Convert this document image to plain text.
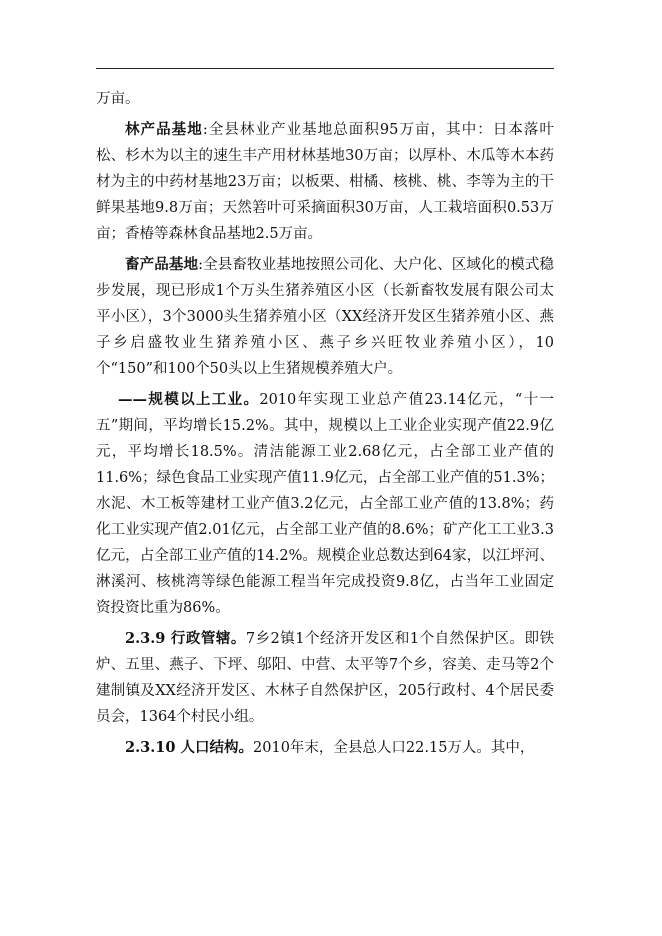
万亩。

林产品基地:全县林业产业基地总面积95万亩，其中：日本落叶松、杉木为以主的速生丰产用材林基地30万亩；以厚朴、木瓜等木本药材为主的中药材基地23万亩；以板栗、柑橘、核桃、桃、李等为主的干鲜果基地9.8万亩；天然箬叶可采摘面积30万亩，人工栽培面积0.53万亩；香椿等森林食品基地2.5万亩。

畜产品基地:全县畜牧业基地按照公司化、大户化、区域化的模式稳步发展，现已形成1个万头生猪养殖区小区（长新畜牧发展有限公司太平小区），3个3000头生猪养殖小区（XX经济开发区生猪养殖小区、燕子乡启盛牧业生猪养殖小区、燕子乡兴旺牧业养殖小区），10个“150”和100个50头以上生猪规模养殖大户。

——规模以上工业。2010年实现工业总产值23.14亿元，“十一五”期间，平均增长15.2%。其中，规模以上工业企业实现产值22.9亿元，平均增长18.5%。清洁能源工业2.68亿元，占全部工业产值的11.6%；绿色食品工业实现产值11.9亿元，占全部工业产值的51.3%；水泥、木工板等建材工业产值3.2亿元，占全部工业产值的13.8%；药化工业实现产值2.01亿元，占全部工业产值的8.6%；矿产化工工业3.3亿元，占全部工业产值的14.2%。规模企业总数达到64家，以江坪河、淋溪河、核桃湾等绿色能源工程当年完成投资9.8亿，占当年工业固定资投资比重为86%。

2.3.9 行政管辖。7乡2镇1个经济开发区和1个自然保护区。即铁炉、五里、燕子、下坪、邬阳、中营、太平等7个乡，容美、走马等2个建制镇及XX经济开发区、木林子自然保护区，205行政村、4个居民委员会，1364个村民小组。

2.3.10 人口结构。2010年末，全县总人口22.15万人。其中，
